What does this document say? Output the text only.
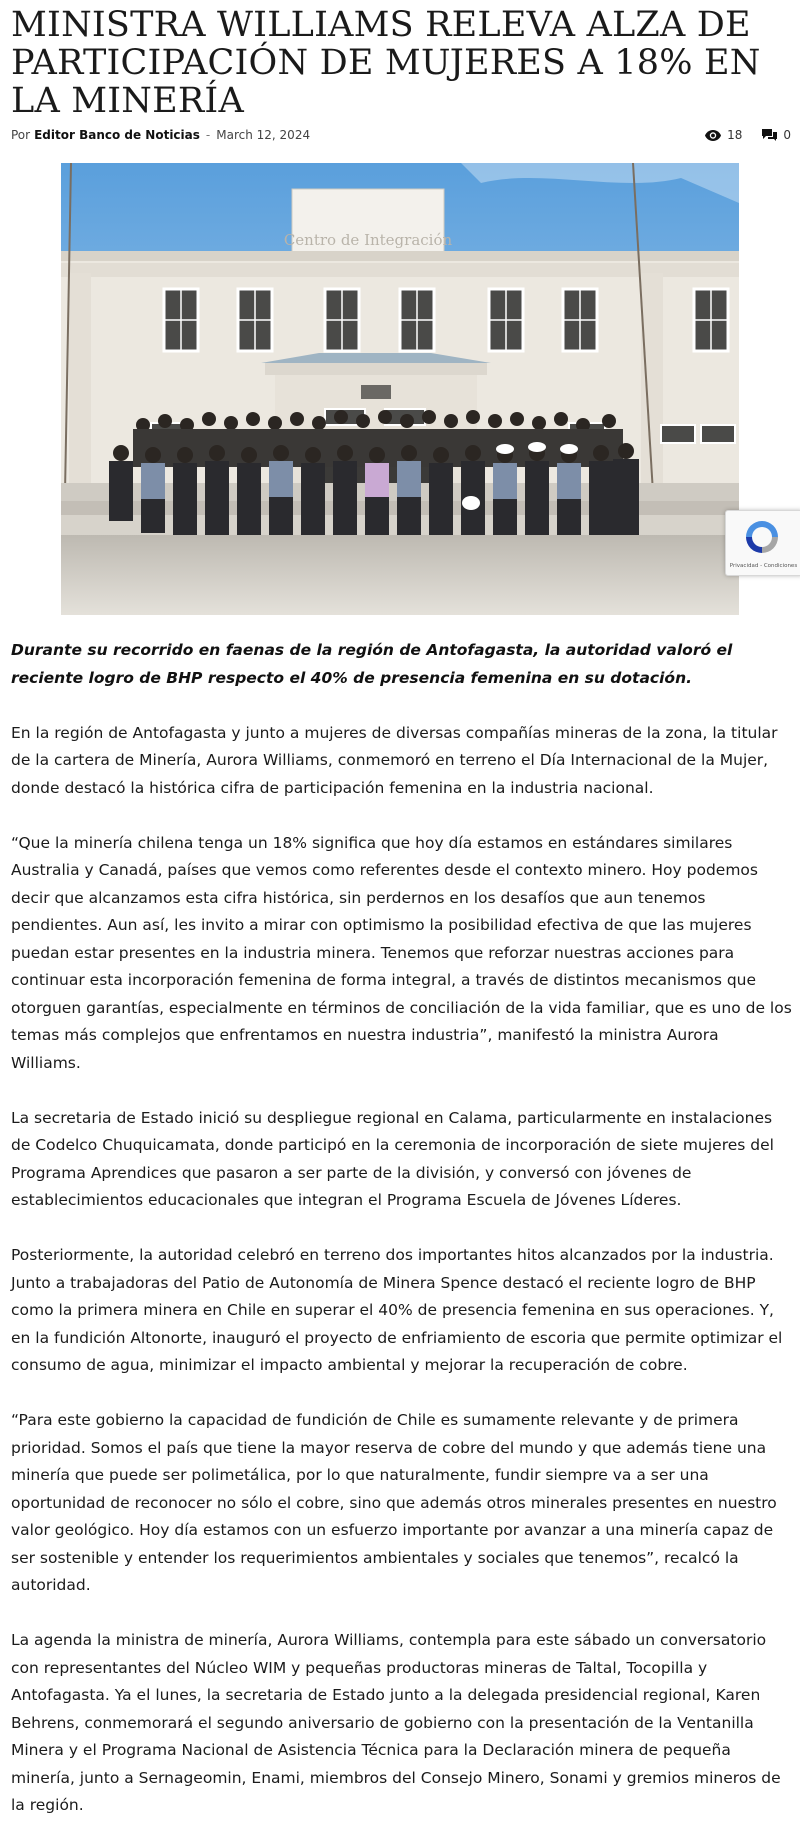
MINISTRA WILLIAMS RELEVA ALZA DE PARTICIPACIÓN DE MUJERES A 18% EN LA MINERÍA
Por Editor Banco de Noticias - March 12, 2024	18	0
Centro de Integración
Privacidad - Condiciones

Durante su recorrido en faenas de la región de Antofagasta, la autoridad valoró el reciente logro de BHP respecto el 40% de presencia femenina en su dotación.

En la región de Antofagasta y junto a mujeres de diversas compañías mineras de la zona, la titular de la cartera de Minería, Aurora Williams, conmemoró en terreno el Día Internacional de la Mujer, donde destacó la histórica cifra de participación femenina en la industria nacional.

“Que la minería chilena tenga un 18% significa que hoy día estamos en estándares similares Australia y Canadá, países que vemos como referentes desde el contexto minero. Hoy podemos decir que alcanzamos esta cifra histórica, sin perdernos en los desafíos que aun tenemos pendientes. Aun así, les invito a mirar con optimismo la posibilidad efectiva de que las mujeres puedan estar presentes en la industria minera. Tenemos que reforzar nuestras acciones para continuar esta incorporación femenina de forma integral, a través de distintos mecanismos que otorguen garantías, especialmente en términos de conciliación de la vida familiar, que es uno de los temas más complejos que enfrentamos en nuestra industria”, manifestó la ministra Aurora Williams.

La secretaria de Estado inició su despliegue regional en Calama, particularmente en instalaciones de Codelco Chuquicamata, donde participó en la ceremonia de incorporación de siete mujeres del Programa Aprendices que pasaron a ser parte de la división, y conversó con jóvenes de establecimientos educacionales que integran el Programa Escuela de Jóvenes Líderes.

Posteriormente, la autoridad celebró en terreno dos importantes hitos alcanzados por la industria. Junto a trabajadoras del Patio de Autonomía de Minera Spence destacó el reciente logro de BHP como la primera minera en Chile en superar el 40% de presencia femenina en sus operaciones. Y, en la fundición Altonorte, inauguró el proyecto de enfriamiento de escoria que permite optimizar el consumo de agua, minimizar el impacto ambiental y mejorar la recuperación de cobre.

“Para este gobierno la capacidad de fundición de Chile es sumamente relevante y de primera prioridad. Somos el país que tiene la mayor reserva de cobre del mundo y que además tiene una minería que puede ser polimetálica, por lo que naturalmente, fundir siempre va a ser una oportunidad de reconocer no sólo el cobre, sino que además otros minerales presentes en nuestro valor geológico. Hoy día estamos con un esfuerzo importante por avanzar a una minería capaz de ser sostenible y entender los requerimientos ambientales y sociales que tenemos”, recalcó la autoridad.

La agenda la ministra de minería, Aurora Williams, contempla para este sábado un conversatorio con representantes del Núcleo WIM y pequeñas productoras mineras de Taltal, Tocopilla y Antofagasta. Ya el lunes, la secretaria de Estado junto a la delegada presidencial regional, Karen Behrens, conmemorará el segundo aniversario de gobierno con la presentación de la Ventanilla Minera y el Programa Nacional de Asistencia Técnica para la Declaración minera de pequeña minería, junto a Sernageomin, Enami, miembros del Consejo Minero, Sonami y gremios mineros de la región.
